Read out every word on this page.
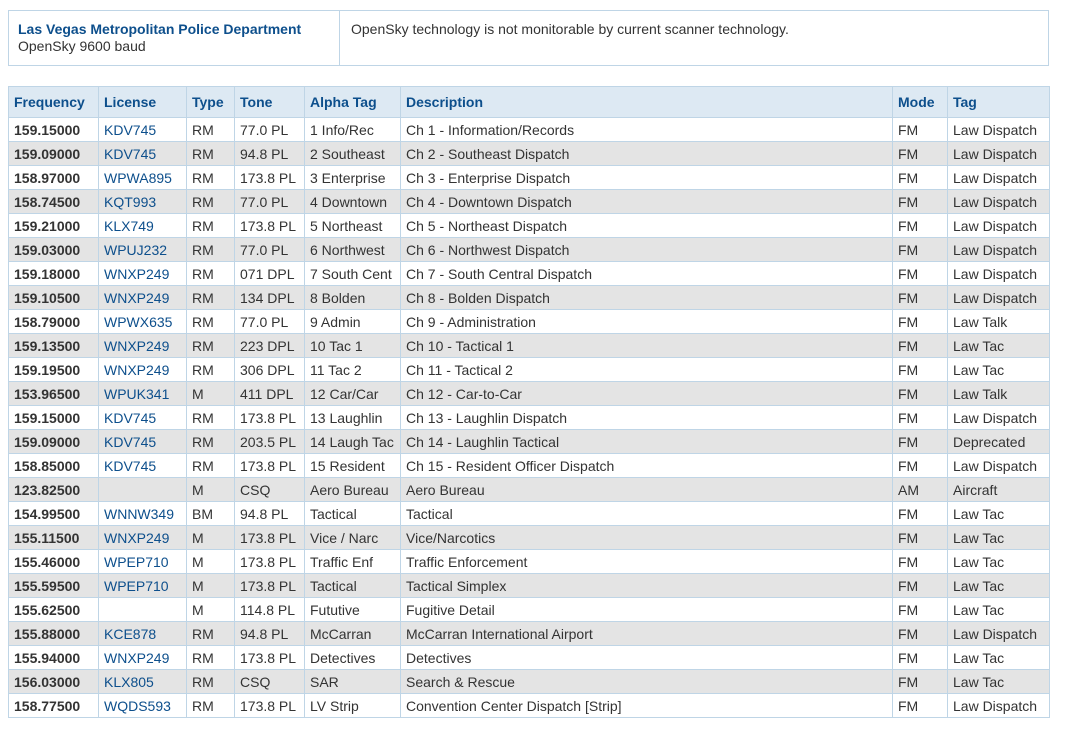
Las Vegas Metropolitan Police Department
OpenSky 9600 baud

OpenSky technology is not monitorable by current scanner technology.
Frequency	License	Type	Tone	Alpha Tag	Description	Mode	Tag
159.15000	KDV745	RM	77.0 PL	1 Info/Rec	Ch 1 - Information/Records	FM	Law Dispatch
159.09000	KDV745	RM	94.8 PL	2 Southeast	Ch 2 - Southeast Dispatch	FM	Law Dispatch
158.97000	WPWA895	RM	173.8 PL	3 Enterprise	Ch 3 - Enterprise Dispatch	FM	Law Dispatch
158.74500	KQT993	RM	77.0 PL	4 Downtown	Ch 4 - Downtown Dispatch	FM	Law Dispatch
159.21000	KLX749	RM	173.8 PL	5 Northeast	Ch 5 - Northeast Dispatch	FM	Law Dispatch
159.03000	WPUJ232	RM	77.0 PL	6 Northwest	Ch 6 - Northwest Dispatch	FM	Law Dispatch
159.18000	WNXP249	RM	071 DPL	7 South Cent	Ch 7 - South Central Dispatch	FM	Law Dispatch
159.10500	WNXP249	RM	134 DPL	8 Bolden	Ch 8 - Bolden Dispatch	FM	Law Dispatch
158.79000	WPWX635	RM	77.0 PL	9 Admin	Ch 9 - Administration	FM	Law Talk
159.13500	WNXP249	RM	223 DPL	10 Tac 1	Ch 10 - Tactical 1	FM	Law Tac
159.19500	WNXP249	RM	306 DPL	11 Tac 2	Ch 11 - Tactical 2	FM	Law Tac
153.96500	WPUK341	M	411 DPL	12 Car/Car	Ch 12 - Car-to-Car	FM	Law Talk
159.15000	KDV745	RM	173.8 PL	13 Laughlin	Ch 13 - Laughlin Dispatch	FM	Law Dispatch
159.09000	KDV745	RM	203.5 PL	14 Laugh Tac	Ch 14 - Laughlin Tactical	FM	Deprecated
158.85000	KDV745	RM	173.8 PL	15 Resident	Ch 15 - Resident Officer Dispatch	FM	Law Dispatch
123.82500		M	CSQ	Aero Bureau	Aero Bureau	AM	Aircraft
154.99500	WNNW349	BM	94.8 PL	Tactical	Tactical	FM	Law Tac
155.11500	WNXP249	M	173.8 PL	Vice / Narc	Vice/Narcotics	FM	Law Tac
155.46000	WPEP710	M	173.8 PL	Traffic Enf	Traffic Enforcement	FM	Law Tac
155.59500	WPEP710	M	173.8 PL	Tactical	Tactical Simplex	FM	Law Tac
155.62500		M	114.8 PL	Fututive	Fugitive Detail	FM	Law Tac
155.88000	KCE878	RM	94.8 PL	McCarran	McCarran International Airport	FM	Law Dispatch
155.94000	WNXP249	RM	173.8 PL	Detectives	Detectives	FM	Law Tac
156.03000	KLX805	RM	CSQ	SAR	Search & Rescue	FM	Law Tac
158.77500	WQDS593	RM	173.8 PL	LV Strip	Convention Center Dispatch [Strip]	FM	Law Dispatch
